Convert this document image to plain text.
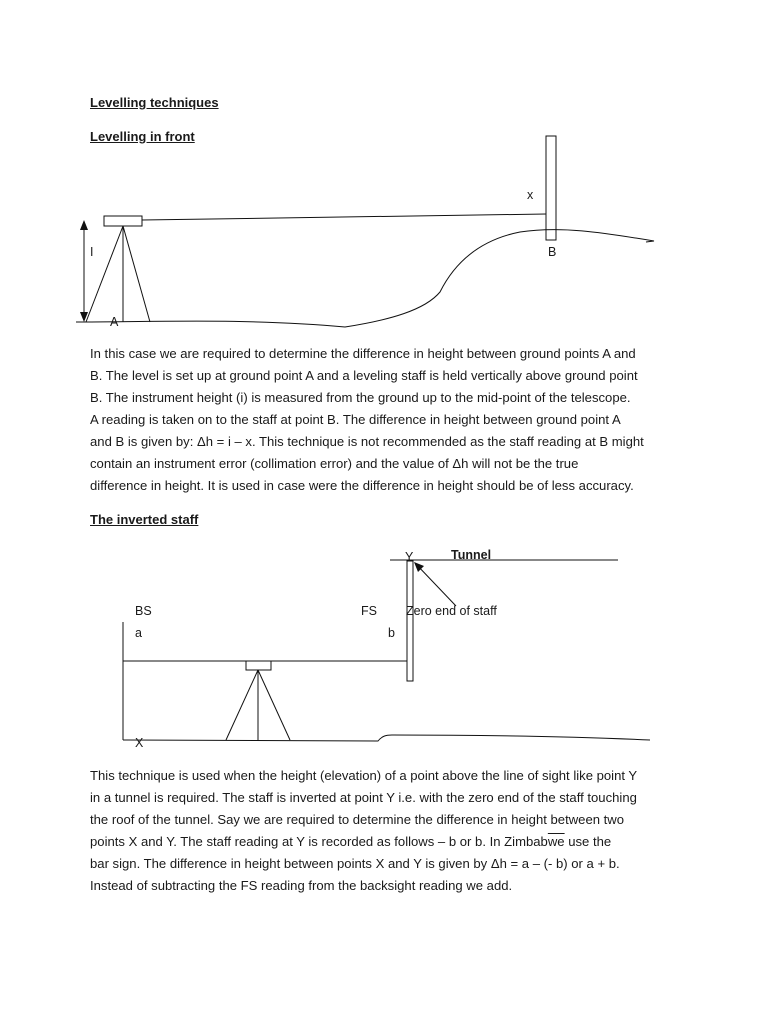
Levelling techniques
Levelling in front
x
I	B
A
In this case we are required to determine the difference in height between ground points A and
B. The level is set up at ground point A and a leveling staff is held vertically above ground point
B. The instrument height (i) is measured from the ground up to the mid-point of the telescope.
A reading is taken on to the staff at point B. The difference in height between ground point A
and B is given by: Δh = i – x. This technique is not recommended as the staff reading at B might
contain an instrument error (collimation error) and the value of Δh will not be the true
difference in height. It is used in case were the difference in height should be of less accuracy.
The inverted staff
Y	Tunnel
BS
a
FS
b
Zero end of staff
X
This technique is used when the height (elevation) of a point above the line of sight like point Y
in a tunnel is required. The staff is inverted at point Y i.e. with the zero end of the staff touching
the roof of the tunnel. Say we are required to determine the difference in height between two
points X and Y. The staff reading at Y is recorded as follows – b or b. In $Zimbab\overline{we}$ use the
bar sign. The difference in height between points X and Y is given by Δh = a – (- b) or a + b.
Instead of subtracting the FS reading from the backsight reading we add.
